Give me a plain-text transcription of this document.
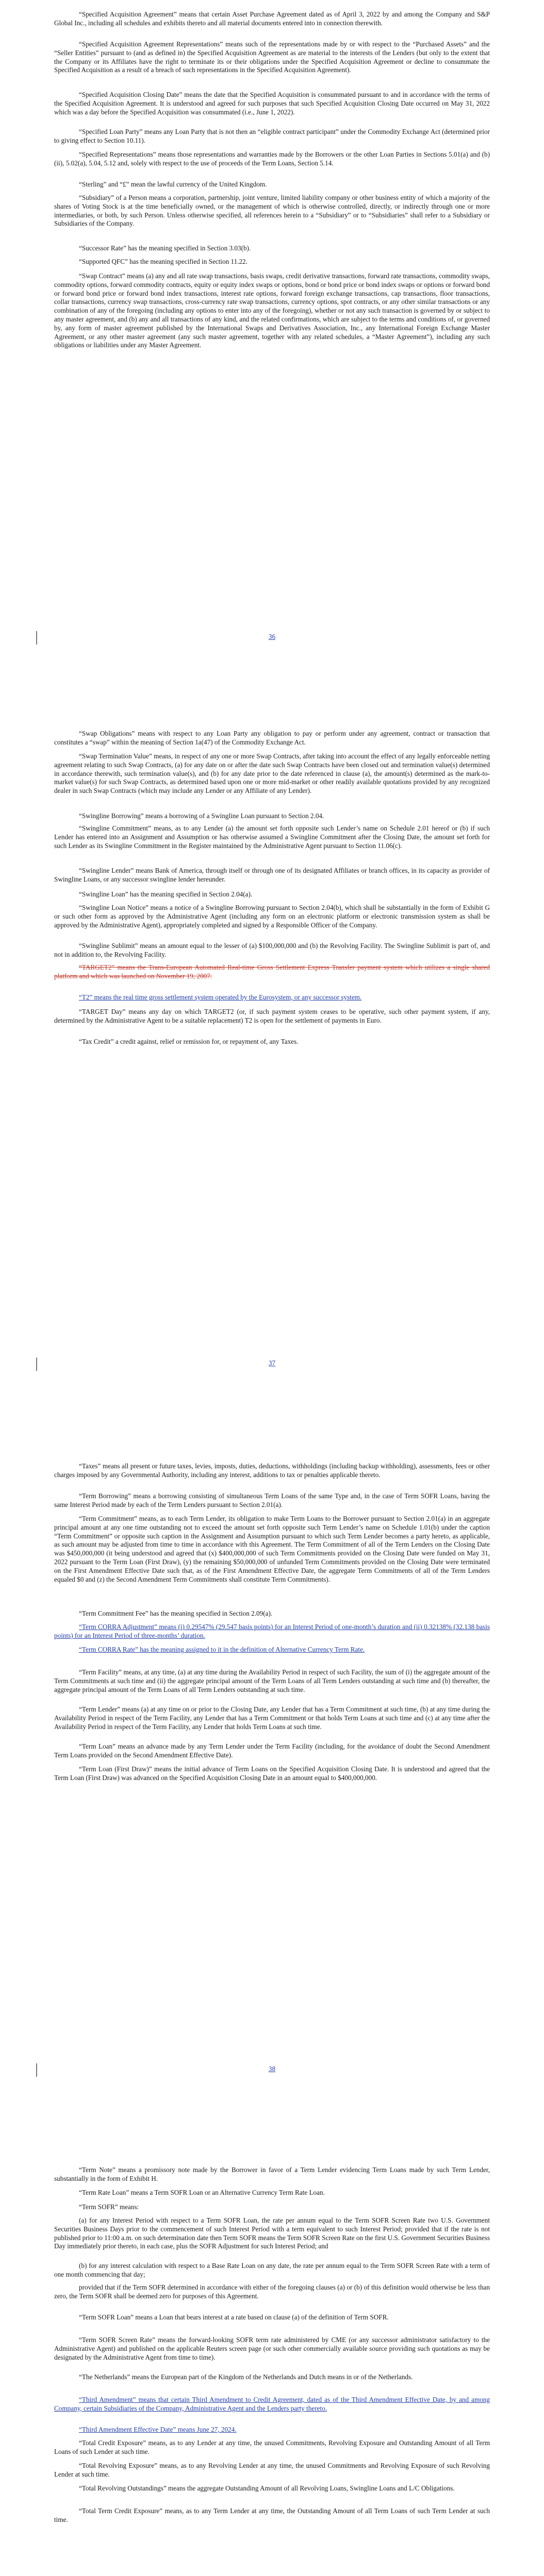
“Specified Acquisition Agreement” means that certain Asset Purchase Agreement dated as of April 3, 2022 by and among the Company and S&P Global Inc., including all schedules and exhibits thereto and all material documents entered into in connection therewith.

“Specified Acquisition Agreement Representations” means such of the representations made by or with respect to the “Purchased Assets” and the “Seller Entities” pursuant to (and as defined in) the Specified Acquisition Agreement as are material to the interests of the Lenders (but only to the extent that the Company or its Affiliates have the right to terminate its or their obligations under the Specified Acquisition Agreement or decline to consummate the Specified Acquisition as a result of a breach of such representations in the Specified Acquisition Agreement).

“Specified Acquisition Closing Date” means the date that the Specified Acquisition is consummated pursuant to and in accordance with the terms of the Specified Acquisition Agreement. It is understood and agreed for such purposes that such Specified Acquisition Closing Date occurred on May 31, 2022 which was a day before the Specified Acquisition was consummated (i.e., June 1, 2022).

“Specified Loan Party” means any Loan Party that is not then an “eligible contract participant” under the Commodity Exchange Act (determined prior to giving effect to Section 10.11).

“Specified Representations” means those representations and warranties made by the Borrowers or the other Loan Parties in Sections 5.01(a) and (b)(ii), 5.02(a), 5.04, 5.12 and, solely with respect to the use of proceeds of the Term Loans, Section 5.14.

“Sterling” and “£” mean the lawful currency of the United Kingdom.

“Subsidiary” of a Person means a corporation, partnership, joint venture, limited liability company or other business entity of which a majority of the shares of Voting Stock is at the time beneficially owned, or the management of which is otherwise controlled, directly, or indirectly through one or more intermediaries, or both, by such Person. Unless otherwise specified, all references herein to a “Subsidiary” or to “Subsidiaries” shall refer to a Subsidiary or Subsidiaries of the Company.

“Successor Rate” has the meaning specified in Section 3.03(b).

“Supported QFC” has the meaning specified in Section 11.22.

“Swap Contract” means (a) any and all rate swap transactions, basis swaps, credit derivative transactions, forward rate transactions, commodity swaps, commodity options, forward commodity contracts, equity or equity index swaps or options, bond or bond price or bond index swaps or options or forward bond or forward bond price or forward bond index transactions, interest rate options, forward foreign exchange transactions, cap transactions, floor transactions, collar transactions, currency swap transactions, cross-currency rate swap transactions, currency options, spot contracts, or any other similar transactions or any combination of any of the foregoing (including any options to enter into any of the foregoing), whether or not any such transaction is governed by or subject to any master agreement, and (b) any and all transactions of any kind, and the related confirmations, which are subject to the terms and conditions of, or governed by, any form of master agreement published by the International Swaps and Derivatives Association, Inc., any International Foreign Exchange Master Agreement, or any other master agreement (any such master agreement, together with any related schedules, a “Master Agreement”), including any such obligations or liabilities under any Master Agreement.

36

“Swap Obligations” means with respect to any Loan Party any obligation to pay or perform under any agreement, contract or transaction that constitutes a “swap” within the meaning of Section 1a(47) of the Commodity Exchange Act.

“Swap Termination Value” means, in respect of any one or more Swap Contracts, after taking into account the effect of any legally enforceable netting agreement relating to such Swap Contracts, (a) for any date on or after the date such Swap Contracts have been closed out and termination value(s) determined in accordance therewith, such termination value(s), and (b) for any date prior to the date referenced in clause (a), the amount(s) determined as the mark-to-market value(s) for such Swap Contracts, as determined based upon one or more mid-market or other readily available quotations provided by any recognized dealer in such Swap Contracts (which may include any Lender or any Affiliate of any Lender).

“Swingline Borrowing” means a borrowing of a Swingline Loan pursuant to Section 2.04.

“Swingline Commitment” means, as to any Lender (a) the amount set forth opposite such Lender’s name on Schedule 2.01 hereof or (b) if such Lender has entered into an Assignment and Assumption or has otherwise assumed a Swingline Commitment after the Closing Date, the amount set forth for such Lender as its Swingline Commitment in the Register maintained by the Administrative Agent pursuant to Section 11.06(c).

“Swingline Lender” means Bank of America, through itself or through one of its designated Affiliates or branch offices, in its capacity as provider of Swingline Loans, or any successor swingline lender hereunder.

“Swingline Loan” has the meaning specified in Section 2.04(a).

“Swingline Loan Notice” means a notice of a Swingline Borrowing pursuant to Section 2.04(b), which shall be substantially in the form of Exhibit G or such other form as approved by the Administrative Agent (including any form on an electronic platform or electronic transmission system as shall be approved by the Administrative Agent), appropriately completed and signed by a Responsible Officer of the Company.

“Swingline Sublimit” means an amount equal to the lesser of (a) $100,000,000 and (b) the Revolving Facility. The Swingline Sublimit is part of, and not in addition to, the Revolving Facility.

“TARGET2” means the Trans-European Automated Real-time Gross Settlement Express Transfer payment system which utilizes a single shared platform and which was launched on November 19, 2007.

“T2” means the real time gross settlement system operated by the Eurosystem, or any successor system.

“TARGET Day” means any day on which TARGET2 (or, if such payment system ceases to be operative, such other payment system, if any, determined by the Administrative Agent to be a suitable replacement) T2 is open for the settlement of payments in Euro.

“Tax Credit” a credit against, relief or remission for, or repayment of, any Taxes.

37

“Taxes” means all present or future taxes, levies, imposts, duties, deductions, withholdings (including backup withholding), assessments, fees or other charges imposed by any Governmental Authority, including any interest, additions to tax or penalties applicable thereto.

“Term Borrowing” means a borrowing consisting of simultaneous Term Loans of the same Type and, in the case of Term SOFR Loans, having the same Interest Period made by each of the Term Lenders pursuant to Section 2.01(a).

“Term Commitment” means, as to each Term Lender, its obligation to make Term Loans to the Borrower pursuant to Section 2.01(a) in an aggregate principal amount at any one time outstanding not to exceed the amount set forth opposite such Term Lender’s name on Schedule 1.01(b) under the caption “Term Commitment” or opposite such caption in the Assignment and Assumption pursuant to which such Term Lender becomes a party hereto, as applicable, as such amount may be adjusted from time to time in accordance with this Agreement. The Term Commitment of all of the Term Lenders on the Closing Date was $450,000,000 (it being understood and agreed that (x) $400,000,000 of such Term Commitments provided on the Closing Date were funded on May 31, 2022 pursuant to the Term Loan (First Draw), (y) the remaining $50,000,000 of unfunded Term Commitments provided on the Closing Date were terminated on the First Amendment Effective Date such that, as of the First Amendment Effective Date, the aggregate Term Commitments of all of the Term Lenders equaled $0 and (z) the Second Amendment Term Commitments shall constitute Term Commitments).

“Term Commitment Fee” has the meaning specified in Section 2.09(a).

“Term CORRA Adjustment” means (i) 0.29547% (29.547 basis points) for an Interest Period of one-month’s duration and (ii) 0.32138% (32.138 basis points) for an Interest Period of three-months’ duration.

“Term CORRA Rate” has the meaning assigned to it in the definition of Alternative Currency Term Rate.

“Term Facility” means, at any time, (a) at any time during the Availability Period in respect of such Facility, the sum of (i) the aggregate amount of the Term Commitments at such time and (ii) the aggregate principal amount of the Term Loans of all Term Lenders outstanding at such time and (b) thereafter, the aggregate principal amount of the Term Loans of all Term Lenders outstanding at such time.

“Term Lender” means (a) at any time on or prior to the Closing Date, any Lender that has a Term Commitment at such time, (b) at any time during the Availability Period in respect of the Term Facility, any Lender that has a Term Commitment or that holds Term Loans at such time and (c) at any time after the Availability Period in respect of the Term Facility, any Lender that holds Term Loans at such time.

“Term Loan” means an advance made by any Term Lender under the Term Facility (including, for the avoidance of doubt the Second Amendment Term Loans provided on the Second Amendment Effective Date).

“Term Loan (First Draw)” means the initial advance of Term Loans on the Specified Acquisition Closing Date. It is understood and agreed that the Term Loan (First Draw) was advanced on the Specified Acquisition Closing Date in an amount equal to $400,000,000.

38

“Term Note” means a promissory note made by the Borrower in favor of a Term Lender evidencing Term Loans made by such Term Lender, substantially in the form of Exhibit H.

“Term Rate Loan” means a Term SOFR Loan or an Alternative Currency Term Rate Loan.

“Term SOFR” means:

(a) for any Interest Period with respect to a Term SOFR Loan, the rate per annum equal to the Term SOFR Screen Rate two U.S. Government Securities Business Days prior to the commencement of such Interest Period with a term equivalent to such Interest Period; provided that if the rate is not published prior to 11:00 a.m. on such determination date then Term SOFR means the Term SOFR Screen Rate on the first U.S. Government Securities Business Day immediately prior thereto, in each case, plus the SOFR Adjustment for such Interest Period; and

(b) for any interest calculation with respect to a Base Rate Loan on any date, the rate per annum equal to the Term SOFR Screen Rate with a term of one month commencing that day;

provided that if the Term SOFR determined in accordance with either of the foregoing clauses (a) or (b) of this definition would otherwise be less than zero, the Term SOFR shall be deemed zero for purposes of this Agreement.

“Term SOFR Loan” means a Loan that bears interest at a rate based on clause (a) of the definition of Term SOFR.

“Term SOFR Screen Rate” means the forward-looking SOFR term rate administered by CME (or any successor administrator satisfactory to the Administrative Agent) and published on the applicable Reuters screen page (or such other commercially available source providing such quotations as may be designated by the Administrative Agent from time to time).

“The Netherlands” means the European part of the Kingdom of the Netherlands and Dutch means in or of the Netherlands.

“Third Amendment” means that certain Third Amendment to Credit Agreement, dated as of the Third Amendment Effective Date, by and among Company, certain Subsidiaries of the Company, Administrative Agent and the Lenders party thereto.

“Third Amendment Effective Date” means June 27, 2024.

“Total Credit Exposure” means, as to any Lender at any time, the unused Commitments, Revolving Exposure and Outstanding Amount of all Term Loans of such Lender at such time.

“Total Revolving Exposure” means, as to any Revolving Lender at any time, the unused Commitments and Revolving Exposure of such Revolving Lender at such time.

“Total Revolving Outstandings” means the aggregate Outstanding Amount of all Revolving Loans, Swingline Loans and L/C Obligations.

“Total Term Credit Exposure” means, as to any Term Lender at any time, the Outstanding Amount of all Term Loans of such Term Lender at such time.
